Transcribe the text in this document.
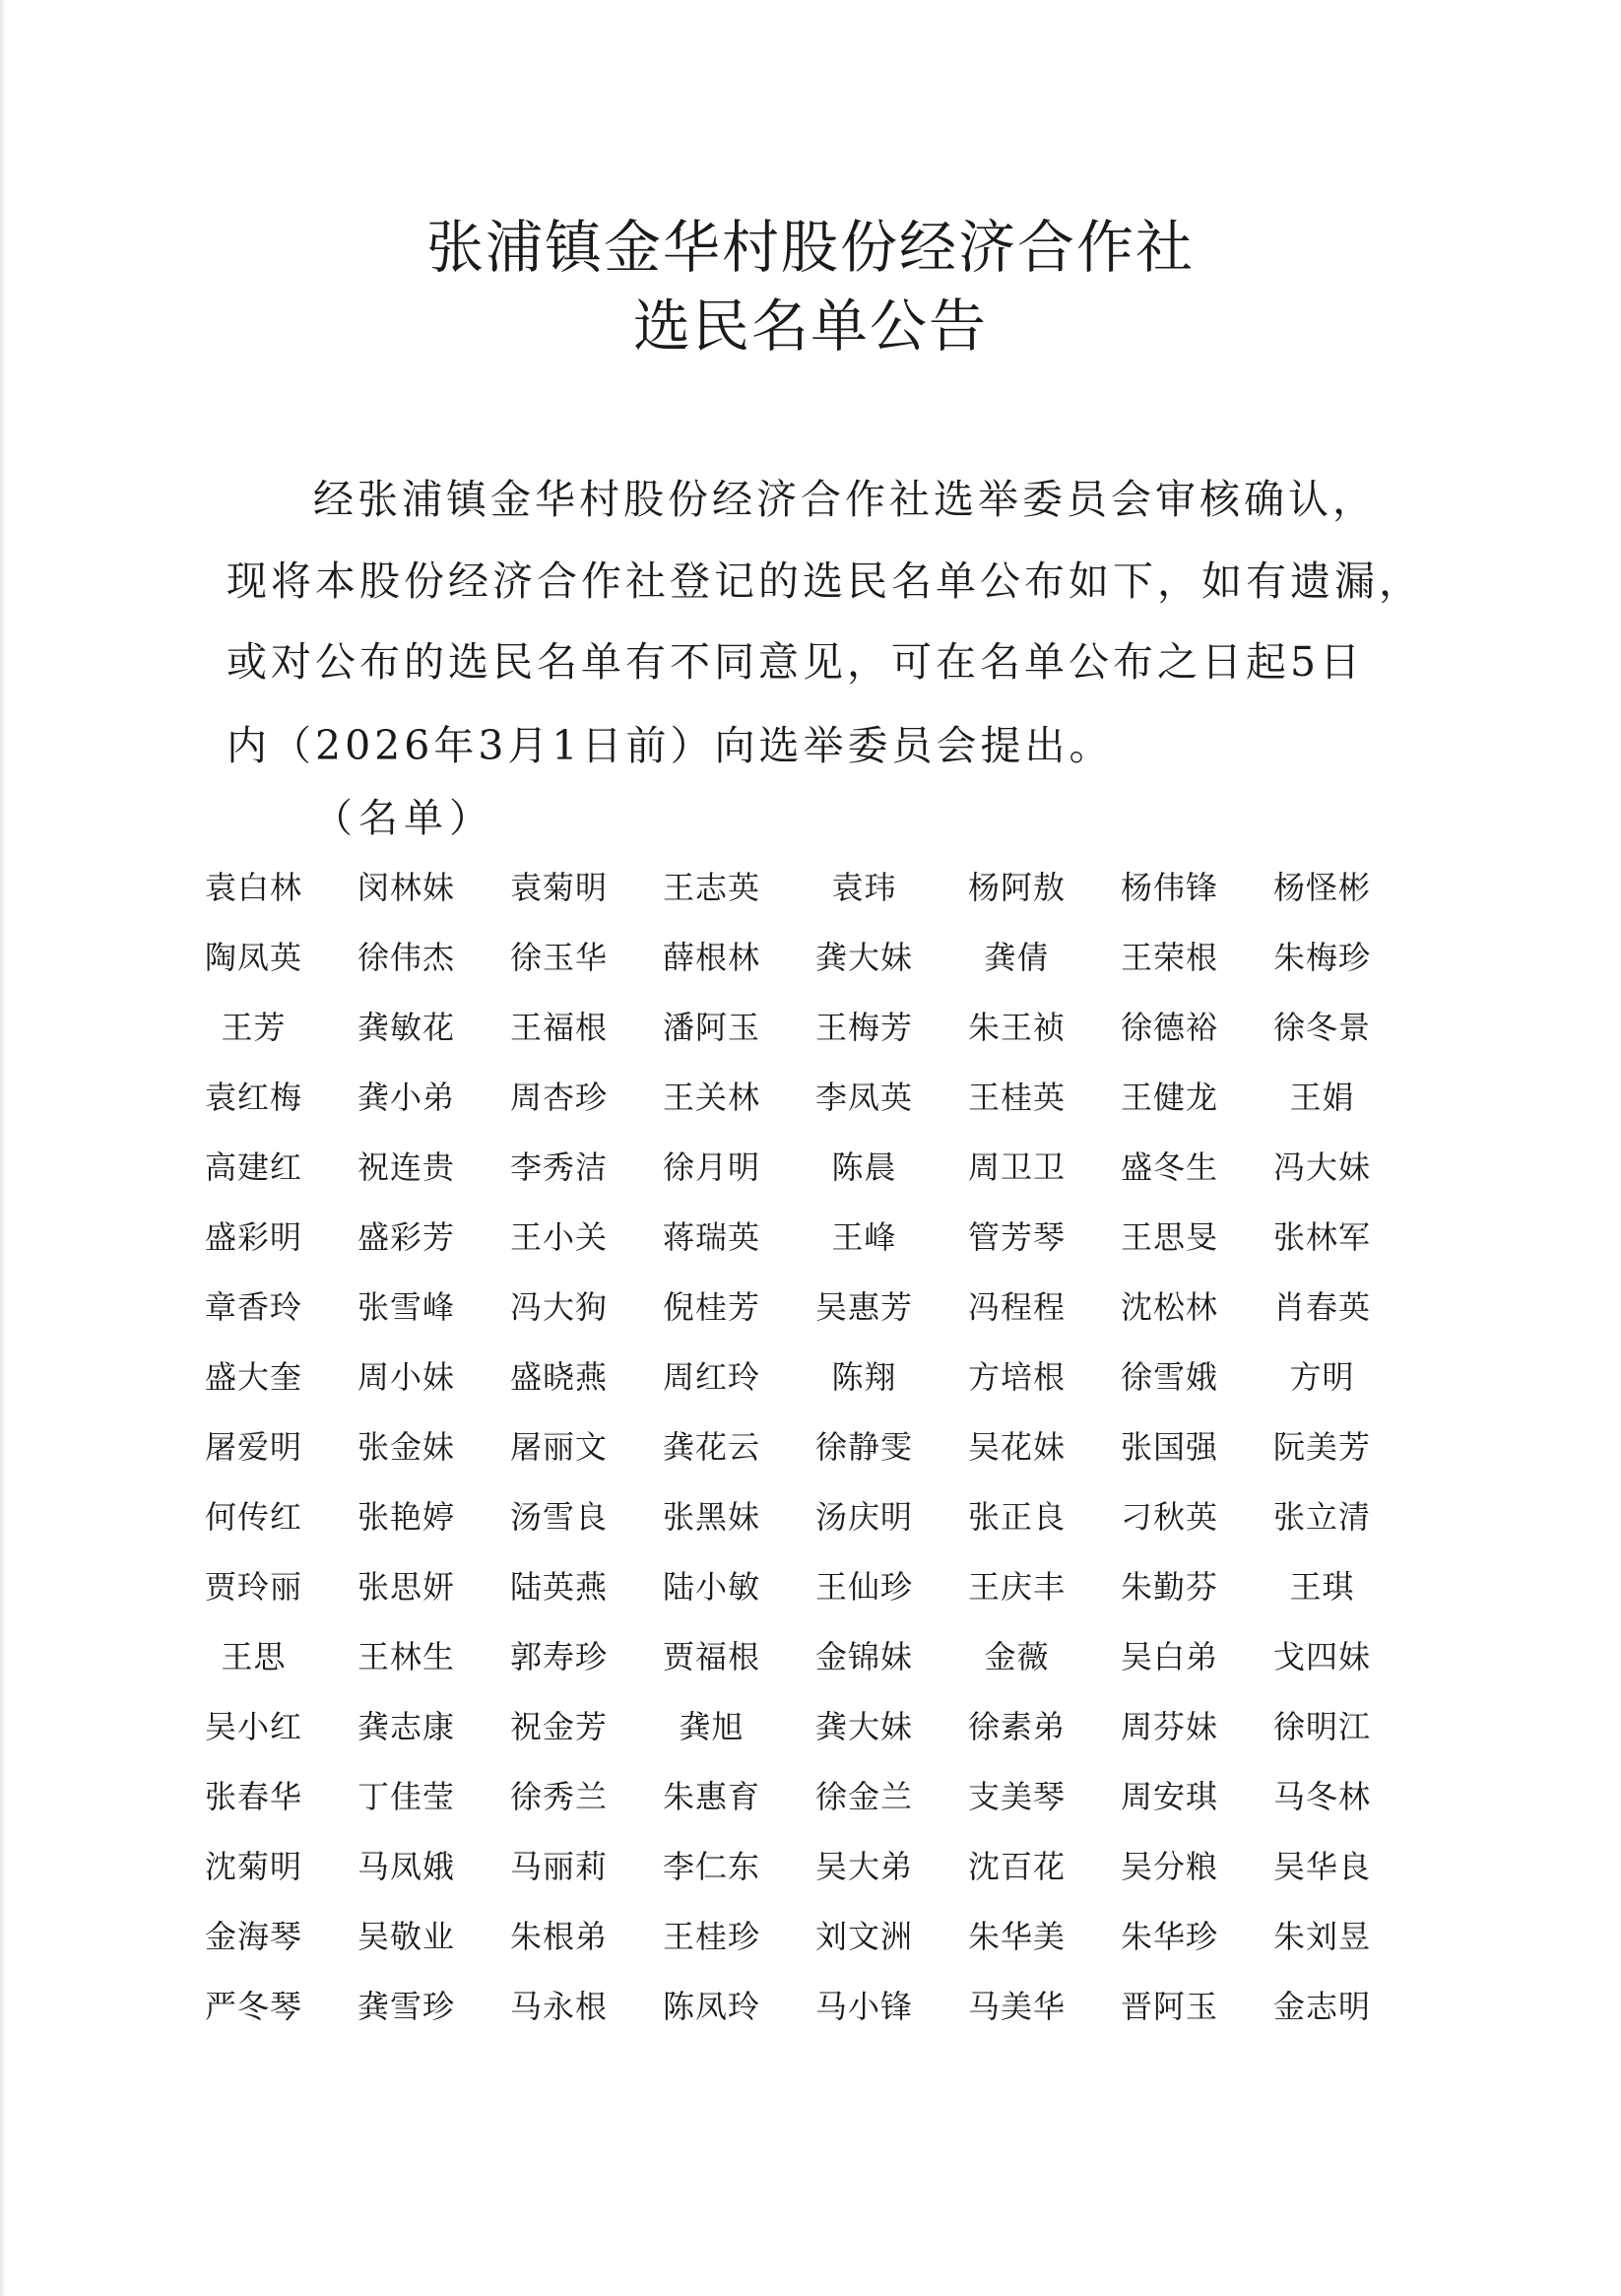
张浦镇金华村股份经济合作社
选民名单公告
经张浦镇金华村股份经济合作社选举委员会审核确认，
现将本股份经济合作社登记的选民名单公布如下，如有遗漏，
或对公布的选民名单有不同意见，可在名单公布之日起5日
内（2026年3月1日前）向选举委员会提出。
（名单）
袁白林	闵林妹	袁菊明	王志英	袁玮	杨阿敖	杨伟锋	杨怪彬
陶凤英	徐伟杰	徐玉华	薛根林	龚大妹	龚倩	王荣根	朱梅珍
王芳	龚敏花	王福根	潘阿玉	王梅芳	朱王祯	徐德裕	徐冬景
袁红梅	龚小弟	周杏珍	王关林	李凤英	王桂英	王健龙	王娟
高建红	祝连贵	李秀洁	徐月明	陈晨	周卫卫	盛冬生	冯大妹
盛彩明	盛彩芳	王小关	蒋瑞英	王峰	管芳琴	王思旻	张林军
章香玲	张雪峰	冯大狗	倪桂芳	吴惠芳	冯程程	沈松林	肖春英
盛大奎	周小妹	盛晓燕	周红玲	陈翔	方培根	徐雪娥	方明
屠爱明	张金妹	屠丽文	龚花云	徐静雯	吴花妹	张国强	阮美芳
何传红	张艳婷	汤雪良	张黑妹	汤庆明	张正良	刁秋英	张立清
贾玲丽	张思妍	陆英燕	陆小敏	王仙珍	王庆丰	朱勤芬	王琪
王思	王林生	郭寿珍	贾福根	金锦妹	金薇	吴白弟	戈四妹
吴小红	龚志康	祝金芳	龚旭	龚大妹	徐素弟	周芬妹	徐明江
张春华	丁佳莹	徐秀兰	朱惠育	徐金兰	支美琴	周安琪	马冬林
沈菊明	马凤娥	马丽莉	李仁东	吴大弟	沈百花	吴分粮	吴华良
金海琴	吴敬业	朱根弟	王桂珍	刘文洲	朱华美	朱华珍	朱刘昱
严冬琴	龚雪珍	马永根	陈凤玲	马小锋	马美华	晋阿玉	金志明
